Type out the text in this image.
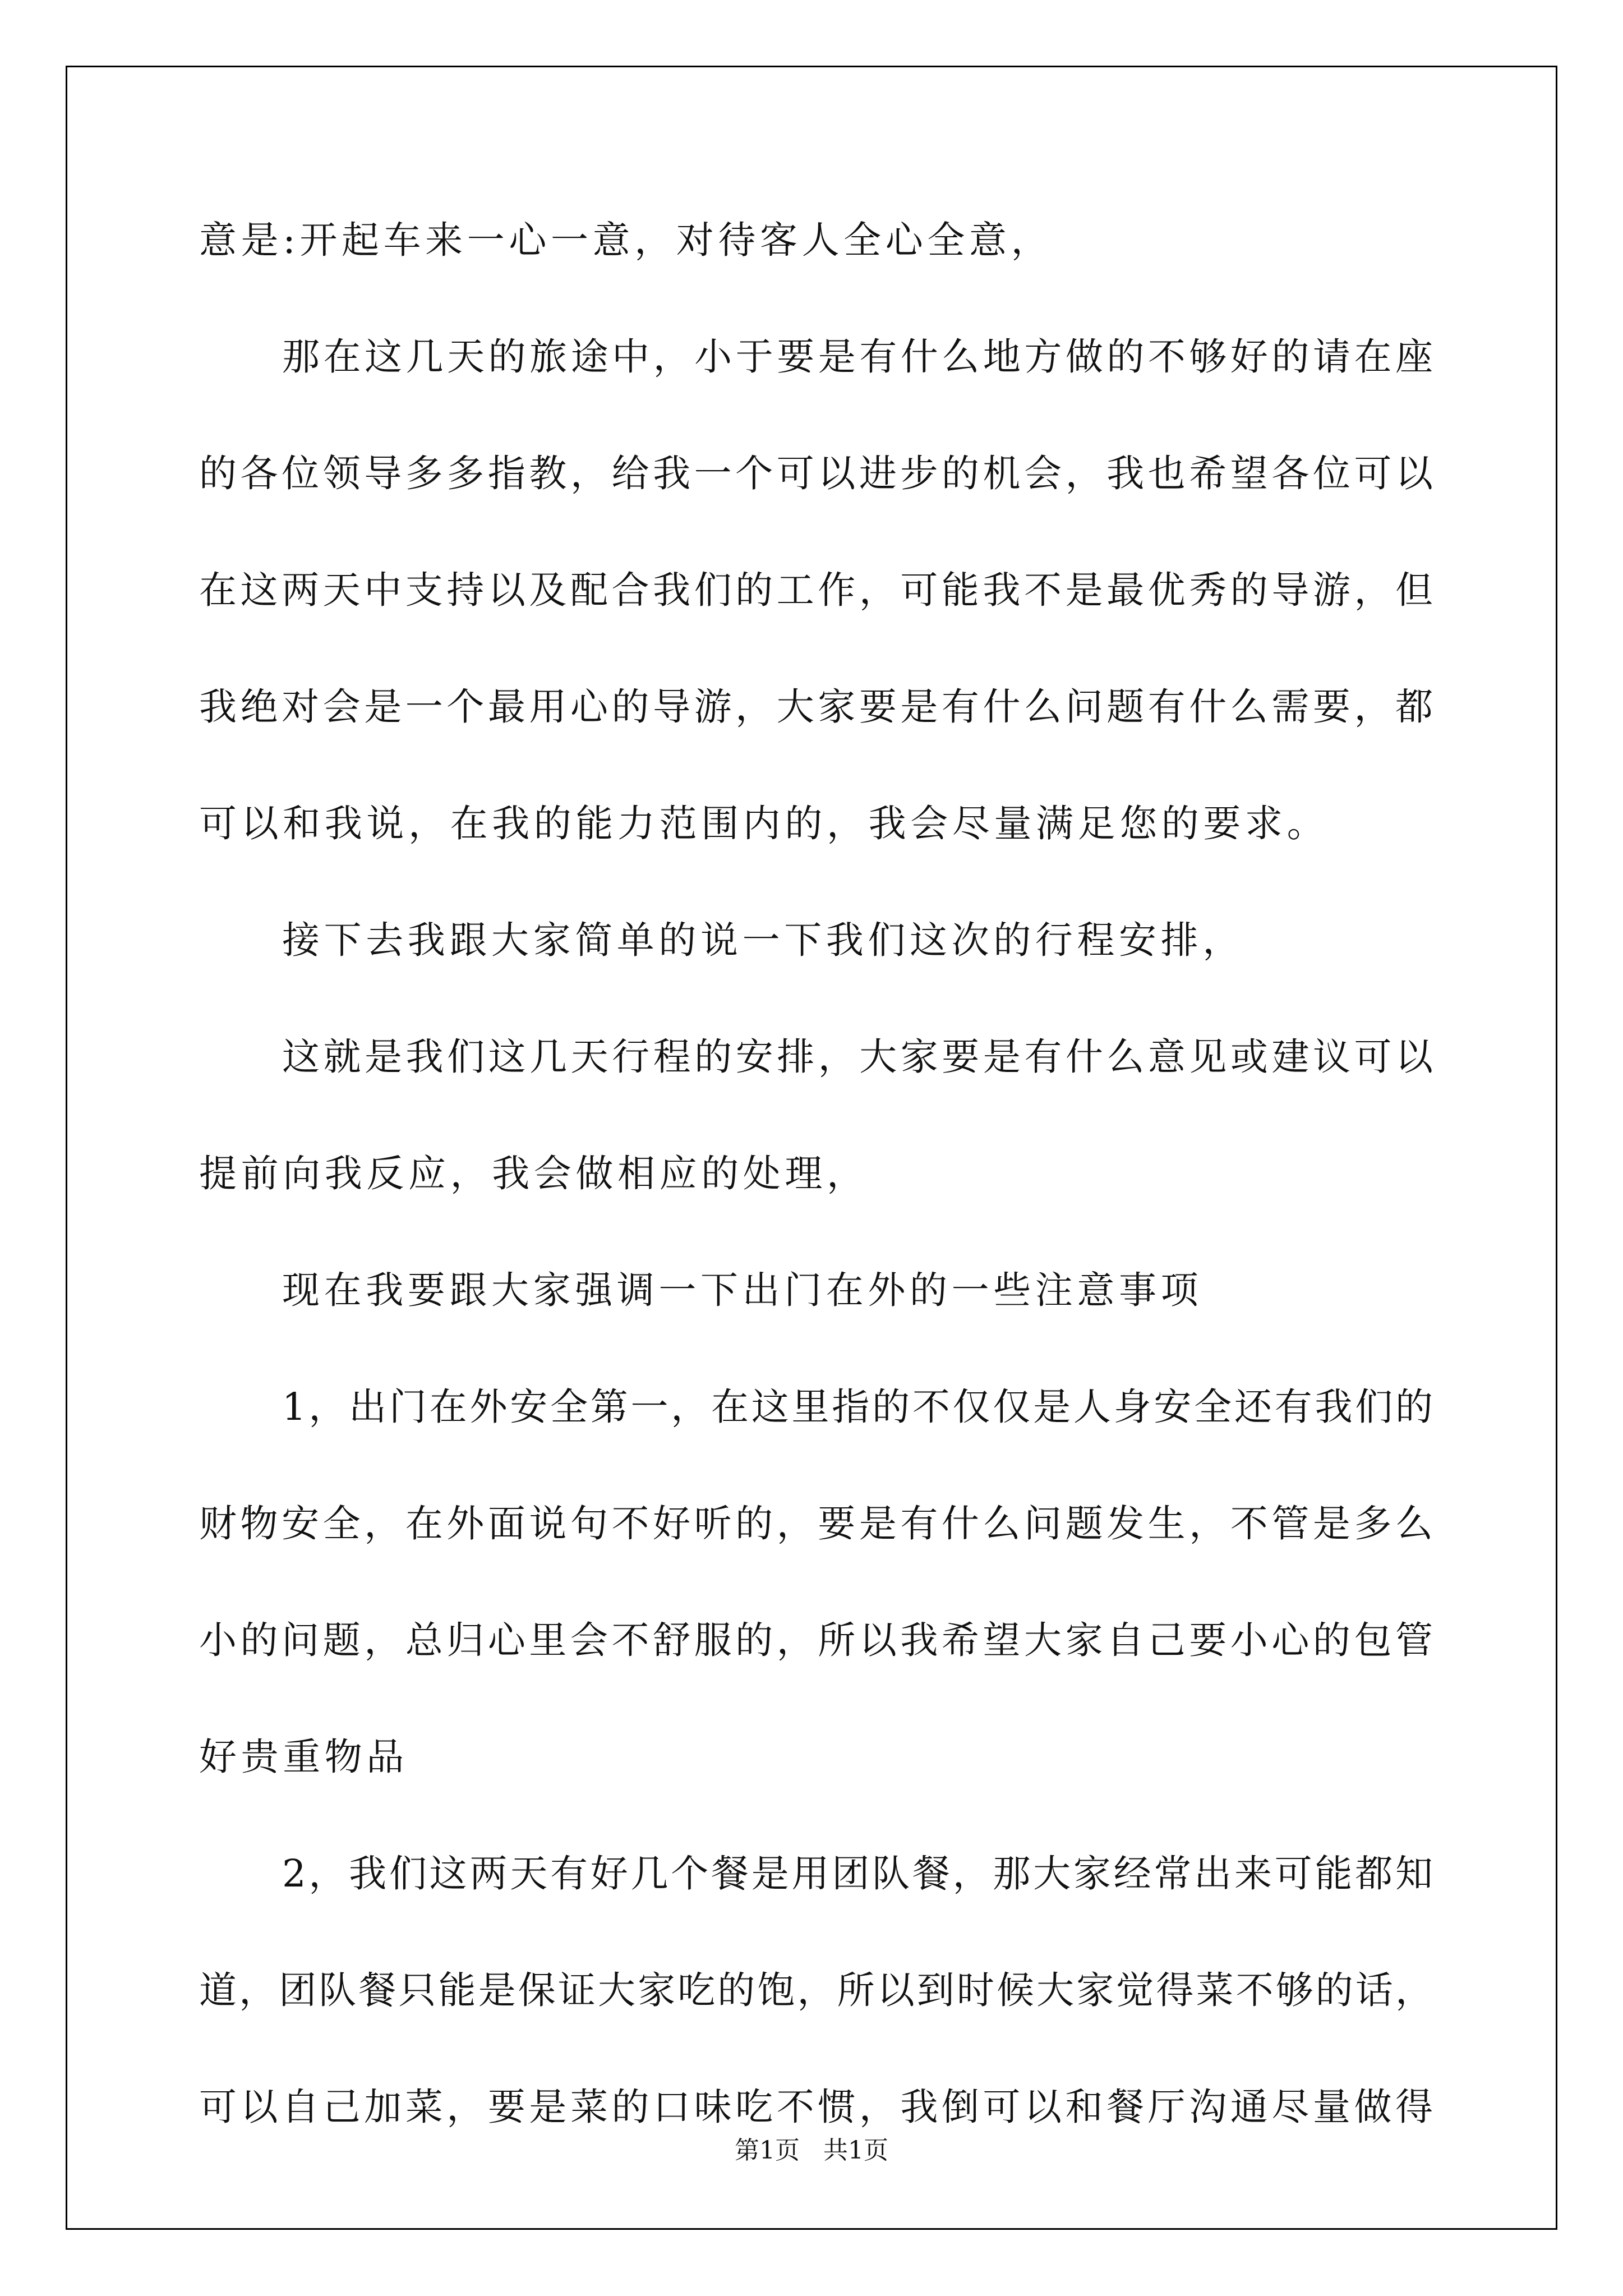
意是:开起车来一心一意，对待客人全心全意，
那在这几天的旅途中，小于要是有什么地方做的不够好的请在座
的各位领导多多指教，给我一个可以进步的机会，我也希望各位可以
在这两天中支持以及配合我们的工作，可能我不是最优秀的导游，但
我绝对会是一个最用心的导游，大家要是有什么问题有什么需要，都
可以和我说，在我的能力范围内的，我会尽量满足您的要求。
接下去我跟大家简单的说一下我们这次的行程安排，
这就是我们这几天行程的安排，大家要是有什么意见或建议可以
提前向我反应，我会做相应的处理，
现在我要跟大家强调一下出门在外的一些注意事项
1，出门在外安全第一，在这里指的不仅仅是人身安全还有我们的
财物安全，在外面说句不好听的，要是有什么问题发生，不管是多么
小的问题，总归心里会不舒服的，所以我希望大家自己要小心的包管
好贵重物品
2，我们这两天有好几个餐是用团队餐，那大家经常出来可能都知
道，团队餐只能是保证大家吃的饱，所以到时候大家觉得菜不够的话，
可以自己加菜，要是菜的口味吃不惯，我倒可以和餐厅沟通尽量做得
第1页   共1页
